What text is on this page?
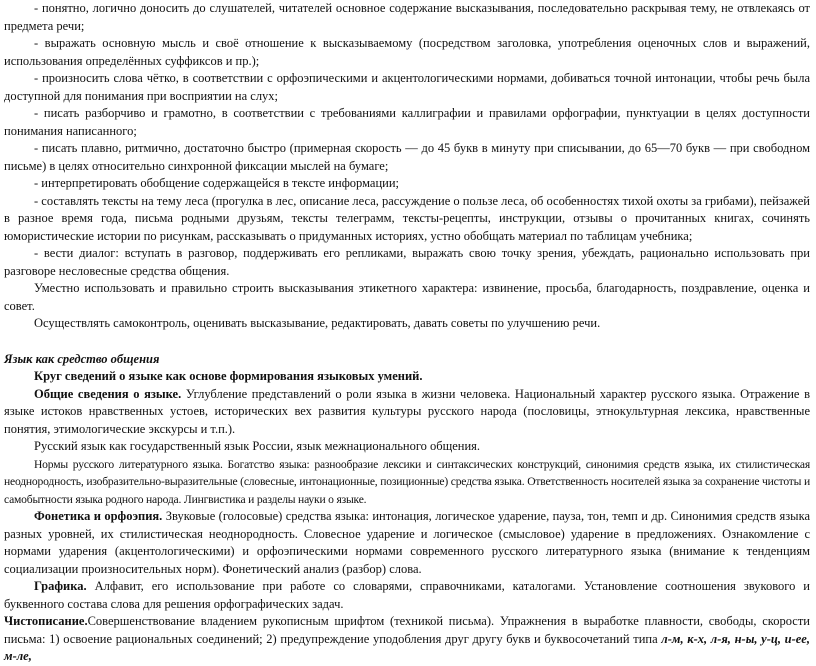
- понятно, логично доносить до слушателей, читателей основное содержание высказывания, последовательно раскрывая тему, не отвлекаясь от предмета речи;

- выражать основную мысль и своё отношение к высказываемому (посредством заголовка, употребления оценочных слов и выражений, использования определённых суффиксов и пр.);

- произносить слова чётко, в соответствии с орфоэпическими и акцентологическими нормами, добиваться точной интонации, чтобы речь была доступной для понимания при восприятии на слух;

- писать разборчиво и грамотно, в соответствии с требованиями каллиграфии и правилами орфографии, пунктуации в целях доступности понимания написанного;

- писать плавно, ритмично, достаточно быстро (примерная скорость — до 45 букв в минуту при списывании, до 65—70 букв — при свободном письме) в целях относительно синхронной фиксации мыслей на бумаге;

- интерпретировать обобщение содержащейся в тексте информации;

- составлять тексты на тему леса (прогулка в лес, описание леса, рассуждение о пользе леса, об особенностях тихой охоты за грибами), пейзажей в разное время года, письма родными друзьям, тексты телеграмм, тексты-рецепты, инструкции, отзывы о прочитанных книгах, сочинять юмористические истории по рисункам, рассказывать о придуманных историях, устно обобщать материал по таблицам учебника;

- вести диалог: вступать в разговор, поддерживать его репликами, выражать свою точку зрения, убеждать, рационально использовать при разговоре несловесные средства общения.

Уместно использовать и правильно строить высказывания этикетного характера: извинение, просьба, благодарность, поздравление, оценка и совет.

Осуществлять самоконтроль, оценивать высказывание, редактировать, давать советы по улучшению речи.

Язык как средство общения

Круг сведений о языке как основе формирования языковых умений.

Общие сведения о языке. Углубление представлений о роли языка в жизни человека. Национальный характер русского языка. Отражение в языке истоков нравственных устоев, исторических вех развития культуры русского народа (пословицы, этнокультурная лексика, нравственные понятия, этимологические экскурсы и т.п.).

Русский язык как государственный язык России, язык межнационального общения.

Нормы русского литературного языка. Богатство языка: разнообразие лексики и синтаксических конструкций, синонимия средств языка, их стилистическая неоднородность, изобразительно-выразительные (словесные, интонационные, позиционные) средства языка. Ответственность носителей языка за сохранение чистоты и самобытности языка родного народа. Лингвистика и разделы науки о языке.

Фонетика и орфоэпия. Звуковые (голосовые) средства языка: интонация, логическое ударение, пауза, тон, темп и др. Синонимия средств языка разных уровней, их стилистическая неоднородность. Словесное ударение и логическое (смысловое) ударение в предложениях. Ознакомление с нормами ударения (акцентологическими) и орфоэпическими нормами современного русского литературного языка (внимание к тенденциям социализации произносительных норм). Фонетический анализ (разбор) слова.

Графика. Алфавит, его использование при работе со словарями, справочниками, каталогами. Установление соотношения звукового и буквенного состава слова для решения орфографических задач.

Чистописание.Совершенствование владением рукописным шрифтом (техникой письма). Упражнения в выработке плавности, свободы, скорости письма: 1) освоение рациональных соединений; 2) предупреждение уподобления друг другу букв и буквосочетаний типа л-м, к-х, л-я, н-ы, у-ц, и-ее, м-ле,
